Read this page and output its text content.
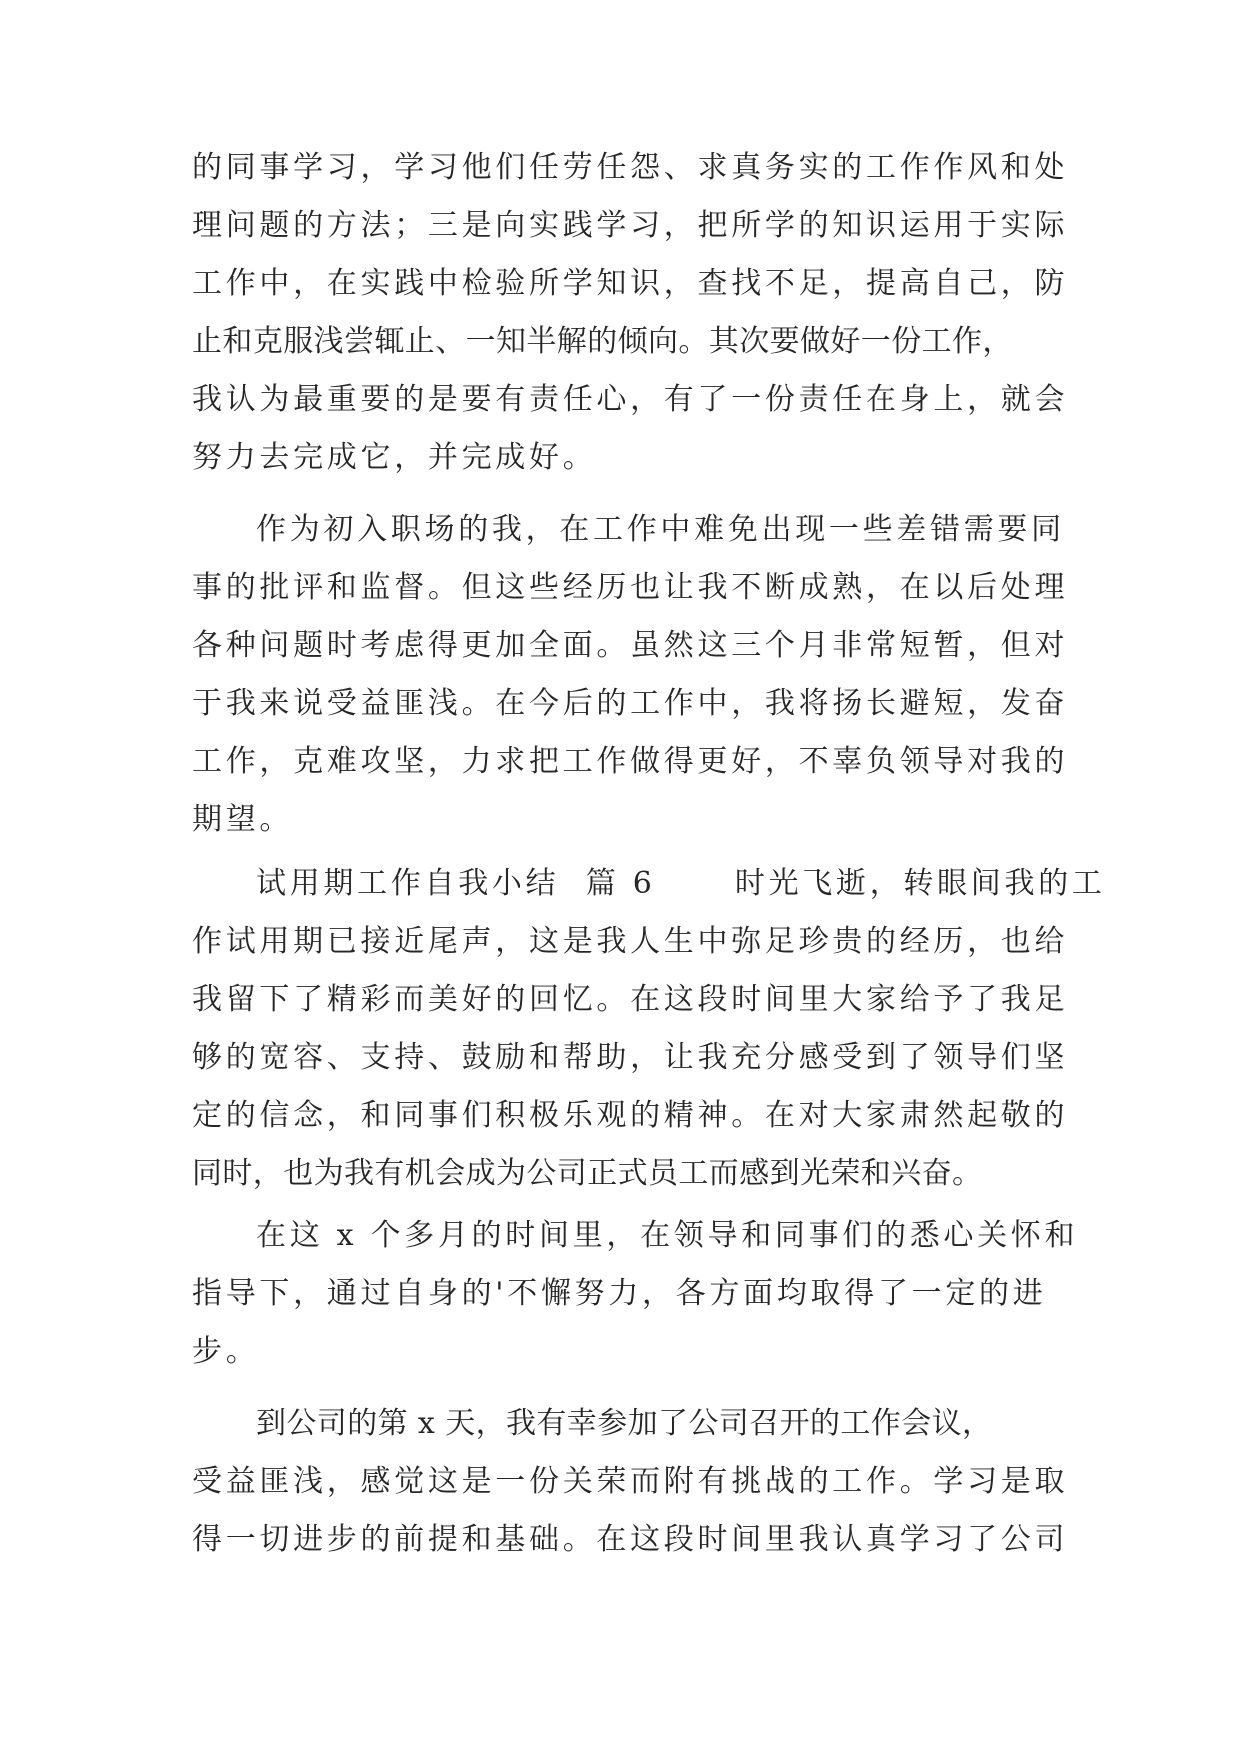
的同事学习，学习他们任劳任怨、求真务实的工作作风和处

理问题的方法；三是向实践学习，把所学的知识运用于实际

工作中，在实践中检验所学知识，查找不足，提高自己，防

止和克服浅尝辄止、一知半解的倾向。其次要做好一份工作，

我认为最重要的是要有责任心，有了一份责任在身上，就会

努力去完成它，并完成好。

作为初入职场的我，在工作中难免出现一些差错需要同

事的批评和监督。但这些经历也让我不断成熟，在以后处理

各种问题时考虑得更加全面。虽然这三个月非常短暂，但对

于我来说受益匪浅。在今后的工作中，我将扬长避短，发奋

工作，克难攻坚，力求把工作做得更好，不辜负领导对我的

期望。

试用期工作自我小结  篇 6      时光飞逝，转眼间我的工

作试用期已接近尾声，这是我人生中弥足珍贵的经历，也给

我留下了精彩而美好的回忆。在这段时间里大家给予了我足

够的宽容、支持、鼓励和帮助，让我充分感受到了领导们坚

定的信念，和同事们积极乐观的精神。在对大家肃然起敬的

同时，也为我有机会成为公司正式员工而感到光荣和兴奋。

在这 x 个多月的时间里，在领导和同事们的悉心关怀和

指导下，通过自身的'不懈努力，各方面均取得了一定的进

步。

到公司的第 x 天，我有幸参加了公司召开的工作会议，

受益匪浅，感觉这是一份关荣而附有挑战的工作。学习是取

得一切进步的前提和基础。在这段时间里我认真学习了公司
